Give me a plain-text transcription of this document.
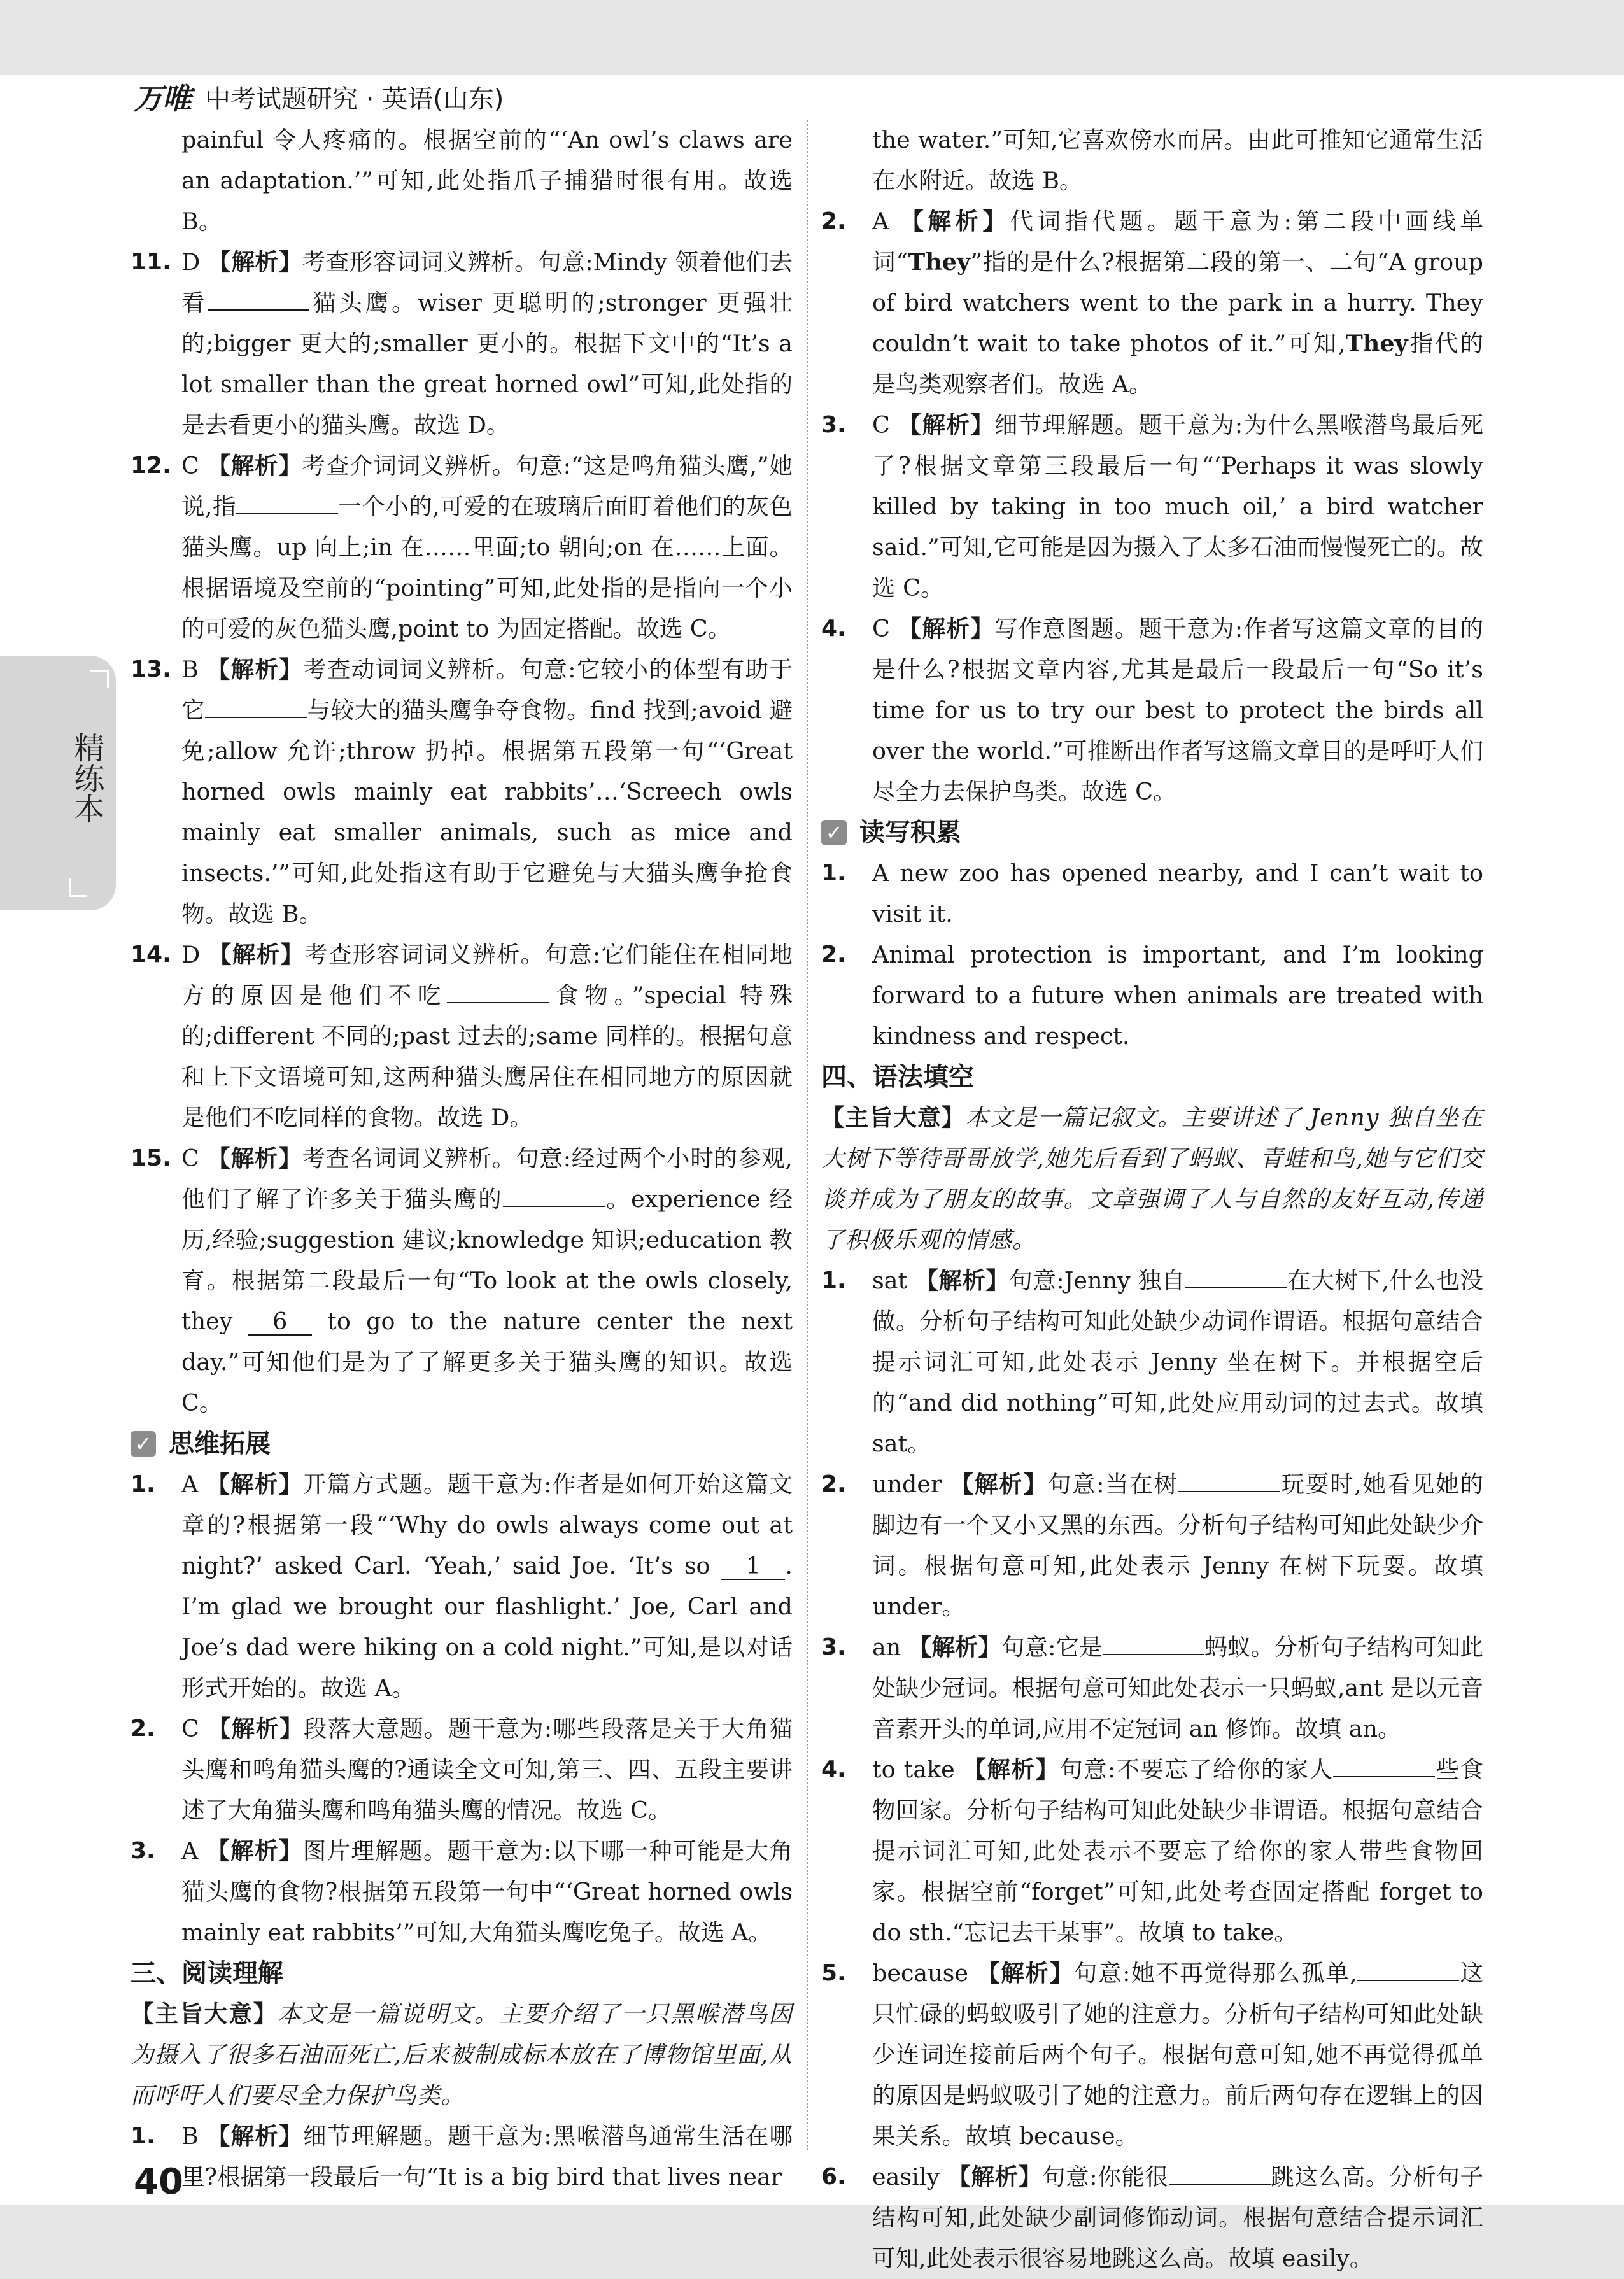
万唯 中考试题研究 · 英语(山东)
精练本
painful 令人疼痛的。根据空前的“‘An owl’s claws are an adaptation.’”可知,此处指爪子捕猎时很有用。故选 B。
11. D 【解析】考查形容词词义辨析。句意:Mindy 领着他们去看	猫头鹰。wiser 更聪明的;stronger 更强壮的;bigger 更大的;smaller 更小的。根据下文中的“It’s a lot smaller than the great horned owl”可知,此处指的是去看更小的猫头鹰。故选 D。
12. C 【解析】考查介词词义辨析。句意:“这是鸣角猫头鹰,”她说,指	一个小的,可爱的在玻璃后面盯着他们的灰色猫头鹰。up 向上;in 在……里面;to 朝向;on 在……上面。根据语境及空前的“pointing”可知,此处指的是指向一个小的可爱的灰色猫头鹰,point to 为固定搭配。故选 C。
13. B 【解析】考查动词词义辨析。句意:它较小的体型有助于它	与较大的猫头鹰争夺食物。find 找到;avoid 避免;allow 允许;throw 扔掉。根据第五段第一句“‘Great horned owls mainly eat rabbits’…‘Screech owls mainly eat smaller animals, such as mice and insects.’”可知,此处指这有助于它避免与大猫头鹰争抢食物。故选 B。
14. D 【解析】考查形容词词义辨析。句意:它们能住在相同地方的原因是他们不吃	食物。”special 特殊的;different 不同的;past 过去的;same 同样的。根据句意和上下文语境可知,这两种猫头鹰居住在相同地方的原因就是他们不吃同样的食物。故选 D。
15. C 【解析】考查名词词义辨析。句意:经过两个小时的参观,他们了解了许多关于猫头鹰的	。experience 经历,经验;suggestion 建议;knowledge 知识;education 教育。根据第二段最后一句“To look at the owls closely, they 6 to go to the nature center the next day.”可知他们是为了了解更多关于猫头鹰的知识。故选 C。
✓ 思维拓展
1. A 【解析】开篇方式题。题干意为:作者是如何开始这篇文章的?根据第一段“‘Why do owls always come out at night?’ asked Carl. ‘Yeah,’ said Joe. ‘It’s so 1 . I’m glad we brought our flashlight.’ Joe, Carl and Joe’s dad were hiking on a cold night.”可知,是以对话形式开始的。故选 A。
2. C 【解析】段落大意题。题干意为:哪些段落是关于大角猫头鹰和鸣角猫头鹰的?通读全文可知,第三、四、五段主要讲述了大角猫头鹰和鸣角猫头鹰的情况。故选 C。
3. A 【解析】图片理解题。题干意为:以下哪一种可能是大角猫头鹰的食物?根据第五段第一句中“‘Great horned owls mainly eat rabbits’”可知,大角猫头鹰吃兔子。故选 A。
三、阅读理解
【主旨大意】本文是一篇说明文。主要介绍了一只黑喉潜鸟因为摄入了很多石油而死亡,后来被制成标本放在了博物馆里面,从而呼吁人们要尽全力保护鸟类。
1. B 【解析】细节理解题。题干意为:黑喉潜鸟通常生活在哪里?根据第一段最后一句“It is a big bird that lives near
the water.”可知,它喜欢傍水而居。由此可推知它通常生活在水附近。故选 B。
2. A 【解析】代词指代题。题干意为:第二段中画线单词“They”指的是什么?根据第二段的第一、二句“A group of bird watchers went to the park in a hurry. They couldn’t wait to take photos of it.”可知,They指代的是鸟类观察者们。故选 A。
3. C 【解析】细节理解题。题干意为:为什么黑喉潜鸟最后死了?根据文章第三段最后一句“‘Perhaps it was slowly killed by taking in too much oil,’ a bird watcher said.”可知,它可能是因为摄入了太多石油而慢慢死亡的。故选 C。
4. C 【解析】写作意图题。题干意为:作者写这篇文章的目的是什么?根据文章内容,尤其是最后一段最后一句“So it’s time for us to try our best to protect the birds all over the world.”可推断出作者写这篇文章目的是呼吁人们尽全力去保护鸟类。故选 C。
✓ 读写积累
1. A new zoo has opened nearby, and I can’t wait to visit it.
2. Animal protection is important, and I’m looking forward to a future when animals are treated with kindness and respect.
四、语法填空
【主旨大意】本文是一篇记叙文。主要讲述了 Jenny 独自坐在大树下等待哥哥放学,她先后看到了蚂蚁、青蛙和鸟,她与它们交谈并成为了朋友的故事。文章强调了人与自然的友好互动,传递了积极乐观的情感。
1. sat 【解析】句意:Jenny 独自	在大树下,什么也没做。分析句子结构可知此处缺少动词作谓语。根据句意结合提示词汇可知,此处表示 Jenny 坐在树下。并根据空后的“and did nothing”可知,此处应用动词的过去式。故填 sat。
2. under 【解析】句意:当在树	玩耍时,她看见她的脚边有一个又小又黑的东西。分析句子结构可知此处缺少介词。根据句意可知,此处表示 Jenny 在树下玩耍。故填 under。
3. an 【解析】句意:它是	蚂蚁。分析句子结构可知此处缺少冠词。根据句意可知此处表示一只蚂蚁,ant 是以元音音素开头的单词,应用不定冠词 an 修饰。故填 an。
4. to take 【解析】句意:不要忘了给你的家人	些食物回家。分析句子结构可知此处缺少非谓语。根据句意结合提示词汇可知,此处表示不要忘了给你的家人带些食物回家。根据空前“forget”可知,此处考查固定搭配 forget to do sth.“忘记去干某事”。故填 to take。
5. because 【解析】句意:她不再觉得那么孤单,	这只忙碌的蚂蚁吸引了她的注意力。分析句子结构可知此处缺少连词连接前后两个句子。根据句意可知,她不再觉得孤单的原因是蚂蚁吸引了她的注意力。前后两句存在逻辑上的因果关系。故填 because。
6. easily 【解析】句意:你能很	跳这么高。分析句子结构可知,此处缺少副词修饰动词。根据句意结合提示词汇可知,此处表示很容易地跳这么高。故填 easily。
40
